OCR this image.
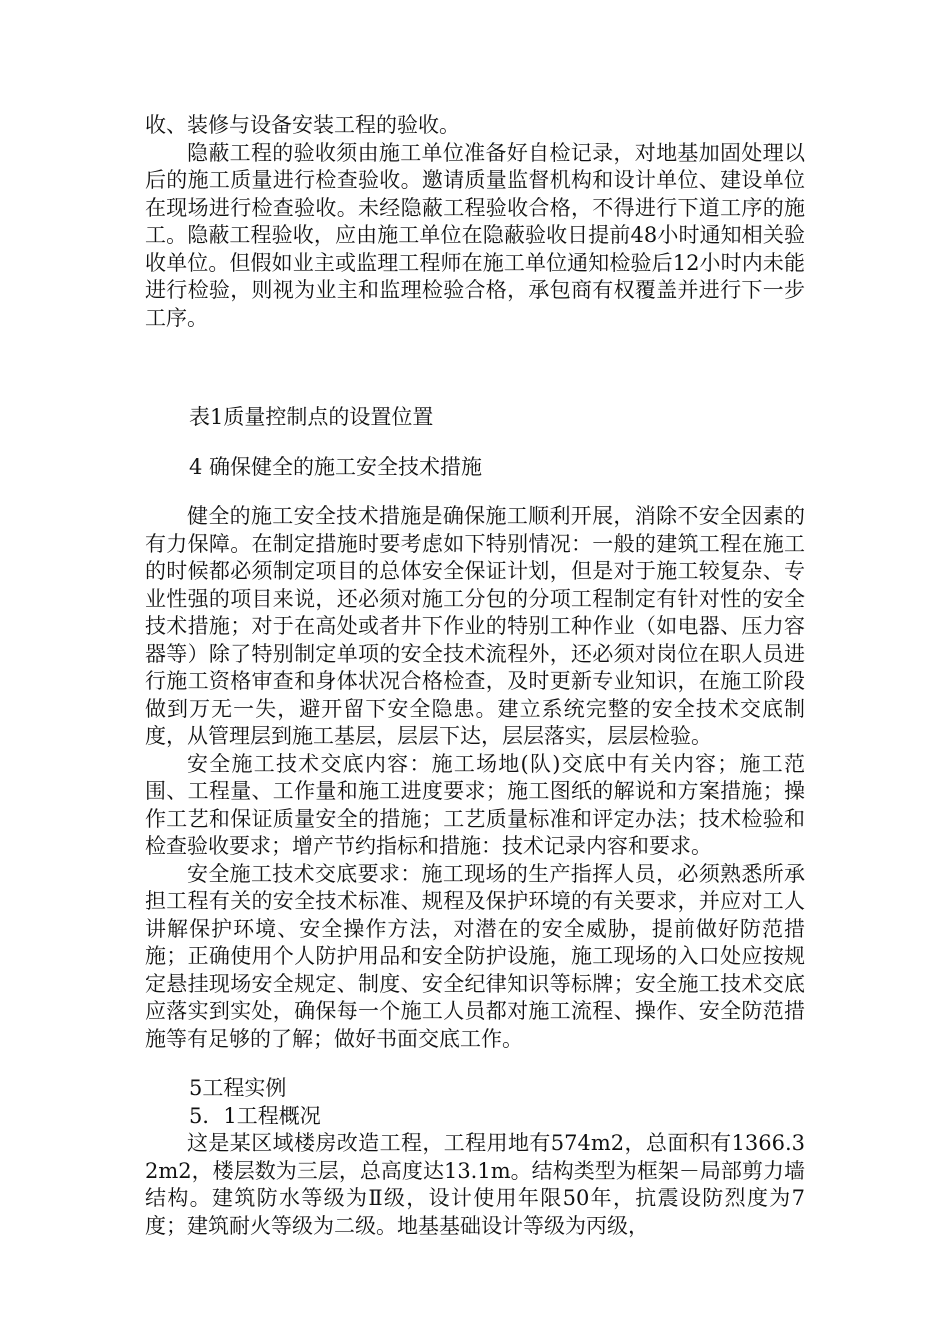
收、装修与设备安装工程的验收。

隐蔽工程的验收须由施工单位准备好自检记录，对地基加固处理以后的施工质量进行检查验收。邀请质量监督机构和设计单位、建设单位在现场进行检查验收。未经隐蔽工程验收合格，不得进行下道工序的施工。隐蔽工程验收，应由施工单位在隐蔽验收日提前48小时通知相关验收单位。但假如业主或监理工程师在施工单位通知检验后12小时内未能进行检验，则视为业主和监理检验合格，承包商有权覆盖并进行下一步工序。

表1质量控制点的设置位置

4 确保健全的施工安全技术措施

健全的施工安全技术措施是确保施工顺利开展，消除不安全因素的有力保障。在制定措施时要考虑如下特别情况：一般的建筑工程在施工的时候都必须制定项目的总体安全保证计划，但是对于施工较复杂、专业性强的项目来说，还必须对施工分包的分项工程制定有针对性的安全技术措施；对于在高处或者井下作业的特别工种作业（如电器、压力容器等）除了特别制定单项的安全技术流程外，还必须对岗位在职人员进行施工资格审查和身体状况合格检查，及时更新专业知识，在施工阶段做到万无一失，避开留下安全隐患。建立系统完整的安全技术交底制度，从管理层到施工基层，层层下达，层层落实，层层检验。

安全施工技术交底内容：施工场地(队)交底中有关内容；施工范围、工程量、工作量和施工进度要求；施工图纸的解说和方案措施；操作工艺和保证质量安全的措施；工艺质量标准和评定办法；技术检验和检查验收要求；增产节约指标和措施：技术记录内容和要求。

安全施工技术交底要求：施工现场的生产指挥人员，必须熟悉所承担工程有关的安全技术标准、规程及保护环境的有关要求，并应对工人讲解保护环境、安全操作方法，对潜在的安全威胁，提前做好防范措施；正确使用个人防护用品和安全防护设施，施工现场的入口处应按规定悬挂现场安全规定、制度、安全纪律知识等标牌；安全施工技术交底应落实到实处，确保每一个施工人员都对施工流程、操作、安全防范措施等有足够的了解；做好书面交底工作。

5工程实例

5．1工程概况

这是某区域楼房改造工程，工程用地有574m2，总面积有1366.32m2，楼层数为三层，总高度达13.1m。结构类型为框架－局部剪力墙结构。建筑防水等级为Ⅱ级，设计使用年限50年，抗震设防烈度为7度；建筑耐火等级为二级。地基基础设计等级为丙级，
